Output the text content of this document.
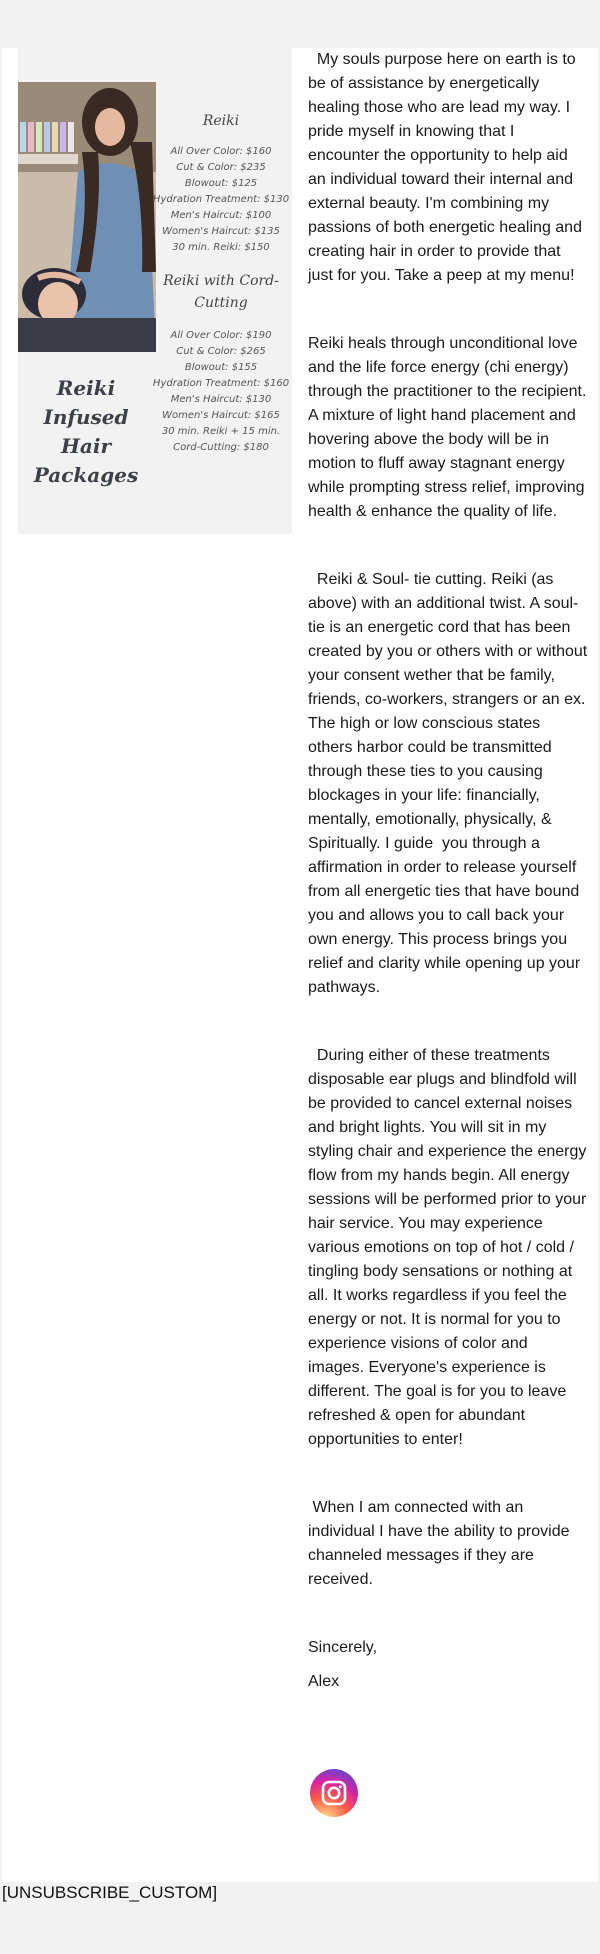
Reiki
All Over Color: $160
Cut & Color: $235
Blowout: $125
Hydration Treatment: $130
Men's Haircut: $100
Women's Haircut: $135
30 min. Reiki: $150
Reiki with Cord-Cutting
All Over Color: $190
Cut & Color: $265
Blowout: $155
Hydration Treatment: $160
Men's Haircut: $130
Women's Haircut: $165
30 min. Reiki + 15 min. Cord-Cutting: $180
Reiki Infused Hair Packages

My souls purpose here on earth is to be of assistance by energetically healing those who are lead my way. I pride myself in knowing that I encounter the opportunity to help aid an individual toward their internal and external beauty. I'm combining my passions of both energetic healing and creating hair in order to provide that just for you. Take a peep at my menu!

Reiki heals through unconditional love and the life force energy (chi energy) through the practitioner to the recipient. A mixture of light hand placement and hovering above the body will be in motion to fluff away stagnant energy while prompting stress relief, improving health & enhance the quality of life.

Reiki & Soul- tie cutting. Reiki (as above) with an additional twist. A soul-tie is an energetic cord that has been created by you or others with or without your consent wether that be family, friends, co-workers, strangers or an ex. The high or low conscious states others harbor could be transmitted through these ties to you causing blockages in your life: financially, mentally, emotionally, physically, & Spiritually. I guide  you through a affirmation in order to release yourself from all energetic ties that have bound you and allows you to call back your own energy. This process brings you relief and clarity while opening up your pathways.

During either of these treatments disposable ear plugs and blindfold will be provided to cancel external noises and bright lights. You will sit in my styling chair and experience the energy flow from my hands begin. All energy sessions will be performed prior to your hair service. You may experience various emotions on top of hot / cold / tingling body sensations or nothing at all. It works regardless if you feel the energy or not. It is normal for you to experience visions of color and images. Everyone's experience is different. The goal is for you to leave refreshed & open for abundant opportunities to enter!

When I am connected with an individual I have the ability to provide channeled messages if they are received.

Sincerely,

Alex

[UNSUBSCRIBE_CUSTOM]
